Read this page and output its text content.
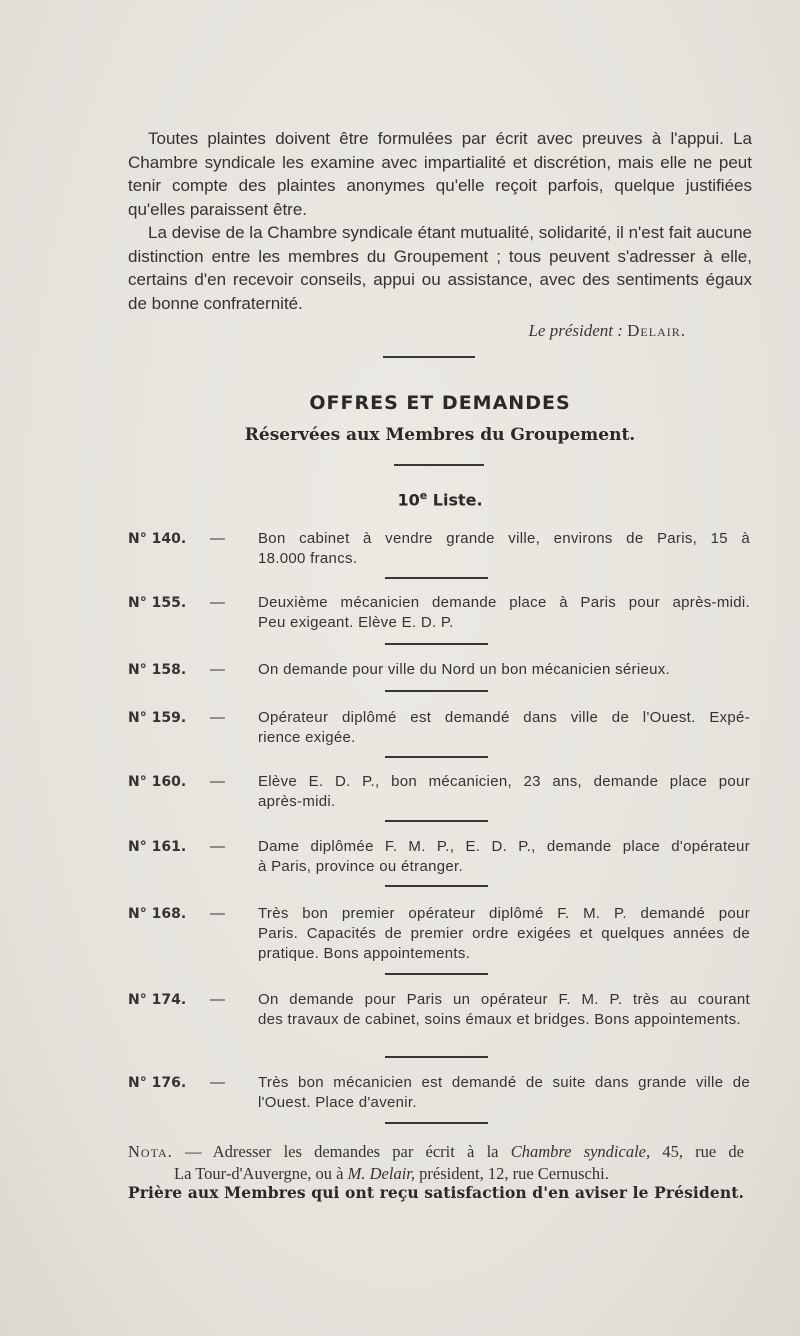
Toutes plaintes doivent être formulées par écrit avec preuves à l'appui. La Chambre syndicale les examine avec impartialité et discrétion, mais elle ne peut tenir compte des plaintes anonymes qu'elle reçoit parfois, quelque justifiées qu'elles paraissent être.

La devise de la Chambre syndicale étant mutualité, solidarité, il n'est fait aucune distinction entre les membres du Groupement ; tous peuvent s'adresser à elle, certains d'en recevoir conseils, appui ou assistance, avec des sentiments égaux de bonne confraternité.

Le président : Delair.
OFFRES ET DEMANDES
Réservées aux Membres du Groupement.
10e Liste.
N° 140. — Bon cabinet à vendre grande ville, environs de Paris, 15 à
18.000 francs.
N° 155. — Deuxième mécanicien demande place à Paris pour après-midi.
Peu exigeant. Elève E. D. P.
N° 158. — On demande pour ville du Nord un bon mécanicien sérieux.
N° 159. — Opérateur diplômé est demandé dans ville de l'Ouest. Expé-
rience exigée.
N° 160. — Elève E. D. P., bon mécanicien, 23 ans, demande place pour
après-midi.
N° 161. — Dame diplômée F. M. P., E. D. P., demande place d'opérateur
à Paris, province ou étranger.
N° 168. — Très bon premier opérateur diplômé F. M. P. demandé pour
Paris. Capacités de premier ordre exigées et quelques années de pratique. Bons appointements.
N° 174. — On demande pour Paris un opérateur F. M. P. très au courant
des travaux de cabinet, soins émaux et bridges. Bons appointements.
N° 176. — Très bon mécanicien est demandé de suite dans grande ville de
l'Ouest. Place d'avenir.
Nota. — Adresser les demandes par écrit à la Chambre syndicale, 45, rue de
La Tour-d'Auvergne, ou à M. Delair, président, 12, rue Cernuschi.
Prière aux Membres qui ont reçu satisfaction d'en aviser le Président.
